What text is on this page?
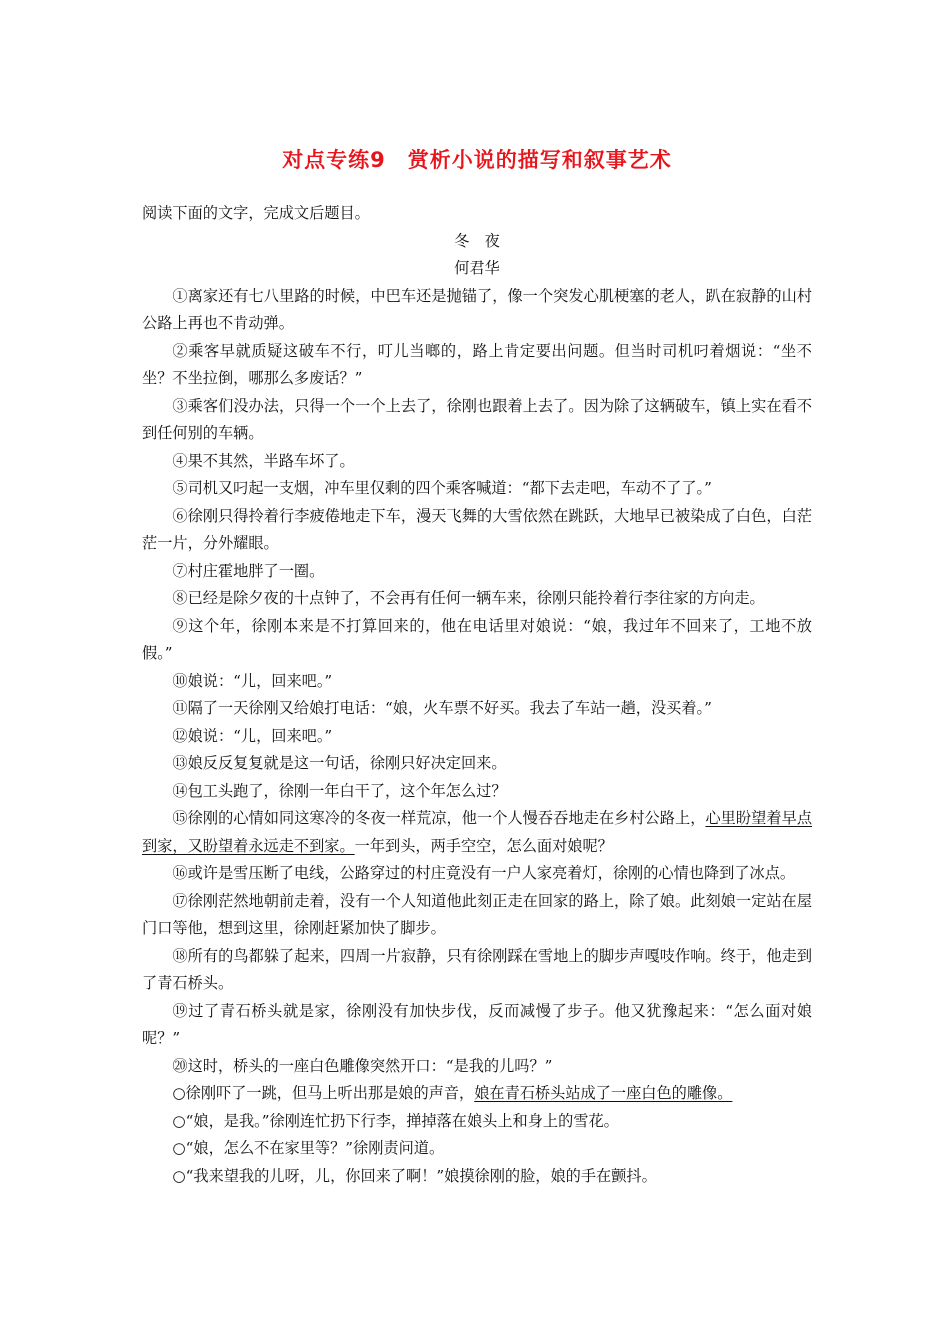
对点专练9　赏析小说的描写和叙事艺术

阅读下面的文字，完成文后题目。

冬　夜

何君华

①离家还有七八里路的时候，中巴车还是抛锚了，像一个突发心肌梗塞的老人，趴在寂静的山村公路上再也不肯动弹。

②乘客早就质疑这破车不行，叮儿当啷的，路上肯定要出问题。但当时司机叼着烟说：“坐不坐？不坐拉倒，哪那么多废话？”

③乘客们没办法，只得一个一个上去了，徐刚也跟着上去了。因为除了这辆破车，镇上实在看不到任何别的车辆。

④果不其然，半路车坏了。

⑤司机又叼起一支烟，冲车里仅剩的四个乘客喊道：“都下去走吧，车动不了了。”

⑥徐刚只得拎着行李疲倦地走下车，漫天飞舞的大雪依然在跳跃，大地早已被染成了白色，白茫茫一片，分外耀眼。

⑦村庄霍地胖了一圈。

⑧已经是除夕夜的十点钟了，不会再有任何一辆车来，徐刚只能拎着行李往家的方向走。

⑨这个年，徐刚本来是不打算回来的，他在电话里对娘说：“娘，我过年不回来了，工地不放假。”

⑩娘说：“儿，回来吧。”

⑪隔了一天徐刚又给娘打电话：“娘，火车票不好买。我去了车站一趟，没买着。”

⑫娘说：“儿，回来吧。”

⑬娘反反复复就是这一句话，徐刚只好决定回来。

⑭包工头跑了，徐刚一年白干了，这个年怎么过？

⑮徐刚的心情如同这寒冷的冬夜一样荒凉，他一个人慢吞吞地走在乡村公路上，心里盼望着早点到家，又盼望着永远走不到家。一年到头，两手空空，怎么面对娘呢？

⑯或许是雪压断了电线，公路穿过的村庄竟没有一户人家亮着灯，徐刚的心情也降到了冰点。

⑰徐刚茫然地朝前走着，没有一个人知道他此刻正走在回家的路上，除了娘。此刻娘一定站在屋门口等他，想到这里，徐刚赶紧加快了脚步。

⑱所有的鸟都躲了起来，四周一片寂静，只有徐刚踩在雪地上的脚步声嘎吱作响。终于，他走到了青石桥头。

⑲过了青石桥头就是家，徐刚没有加快步伐，反而减慢了步子。他又犹豫起来：“怎么面对娘呢？”

⑳这时，桥头的一座白色雕像突然开口：“是我的儿吗？”

○徐刚吓了一跳，但马上听出那是娘的声音，娘在青石桥头站成了一座白色的雕像。

○“娘，是我。”徐刚连忙扔下行李，掸掉落在娘头上和身上的雪花。

○“娘，怎么不在家里等？”徐刚责问道。

○“我来望我的儿呀，儿，你回来了啊！”娘摸徐刚的脸，娘的手在颤抖。
